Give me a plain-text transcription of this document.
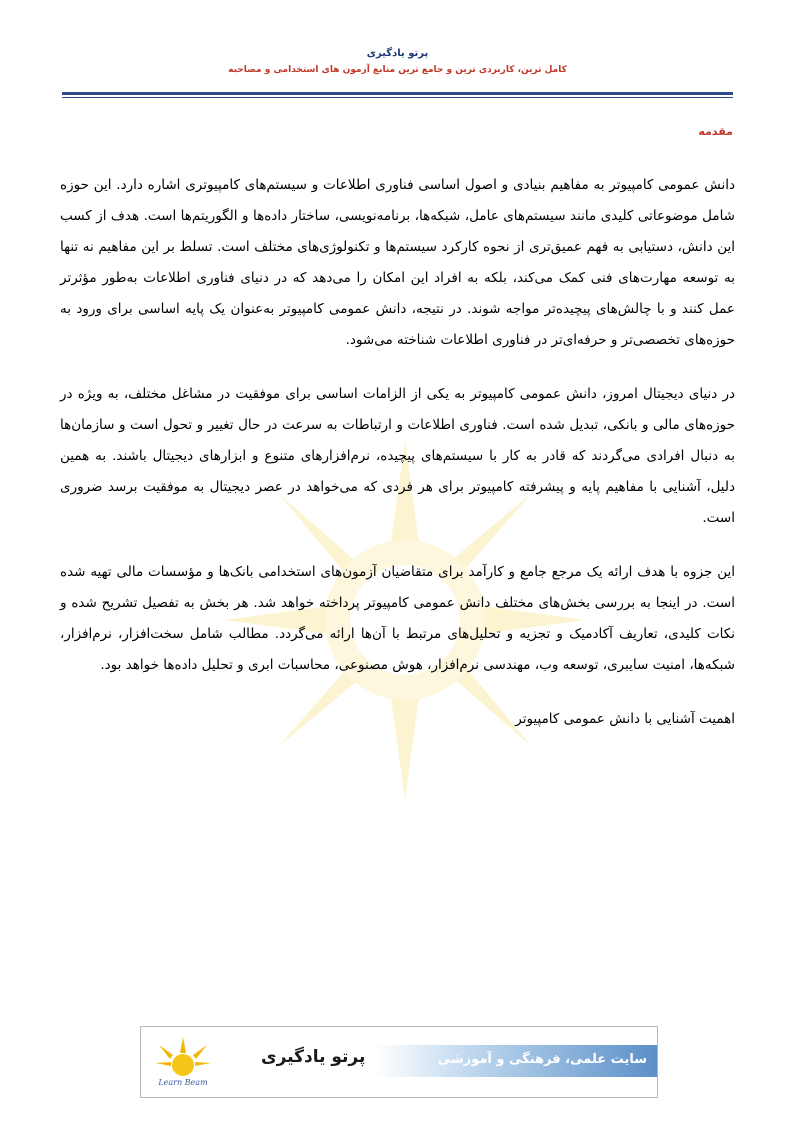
پرتو یادگیری

کامل ترین، کاربردی ترین و جامع ترین منابع آزمون های استخدامی و مصاحبه

مقدمه

دانش عمومی کامپیوتر به مفاهیم بنیادی و اصول اساسی فناوری اطلاعات و سیستم‌های کامپیوتری اشاره دارد. این حوزه شامل موضوعاتی کلیدی مانند سیستم‌های عامل، شبکه‌ها، برنامه‌نویسی، ساختار داده‌ها و الگوریتم‌ها است. هدف از کسب این دانش، دستیابی به فهم عمیق‌تری از نحوه کارکرد سیستم‌ها و تکنولوژی‌های مختلف است. تسلط بر این مفاهیم نه تنها به توسعه مهارت‌های فنی کمک می‌کند، بلکه به افراد این امکان را می‌دهد که در دنیای فناوری اطلاعات به‌طور مؤثرتر عمل کنند و با چالش‌های پیچیده‌تر مواجه شوند. در نتیجه، دانش عمومی کامپیوتر به‌عنوان یک پایه اساسی برای ورود به حوزه‌های تخصصی‌تر و حرفه‌ای‌تر در فناوری اطلاعات شناخته می‌شود.

در دنیای دیجیتال امروز، دانش عمومی کامپیوتر به یکی از الزامات اساسی برای موفقیت در مشاغل مختلف، به ویژه در حوزه‌های مالی و بانکی، تبدیل شده است. فناوری اطلاعات و ارتباطات به سرعت در حال تغییر و تحول است و سازمان‌ها به دنبال افرادی می‌گردند که قادر به کار با سیستم‌های پیچیده، نرم‌افزارهای متنوع و ابزارهای دیجیتال باشند. به همین دلیل، آشنایی با مفاهیم پایه و پیشرفته کامپیوتر برای هر فردی که می‌خواهد در عصر دیجیتال به موفقیت برسد ضروری است.

این جزوه با هدف ارائه یک مرجع جامع و کارآمد برای متقاضیان آزمون‌های استخدامی بانک‌ها و مؤسسات مالی تهیه شده است. در اینجا به بررسی بخش‌های مختلف دانش عمومی کامپیوتر پرداخته خواهد شد. هر بخش به تفصیل تشریح شده و نکات کلیدی، تعاریف آکادمیک و تجزیه و تحلیل‌های مرتبط با آن‌ها ارائه می‌گردد. مطالب شامل سخت‌افزار، نرم‌افزار، شبکه‌ها، امنیت سایبری، توسعه وب، مهندسی نرم‌افزار، هوش مصنوعی، محاسبات ابری و تحلیل داده‌ها خواهد بود.

اهمیت آشنایی با دانش عمومی کامپیوتر

Learn Beam
پرتو یادگیری	سایت علمی، فرهنگی و آموزشی
